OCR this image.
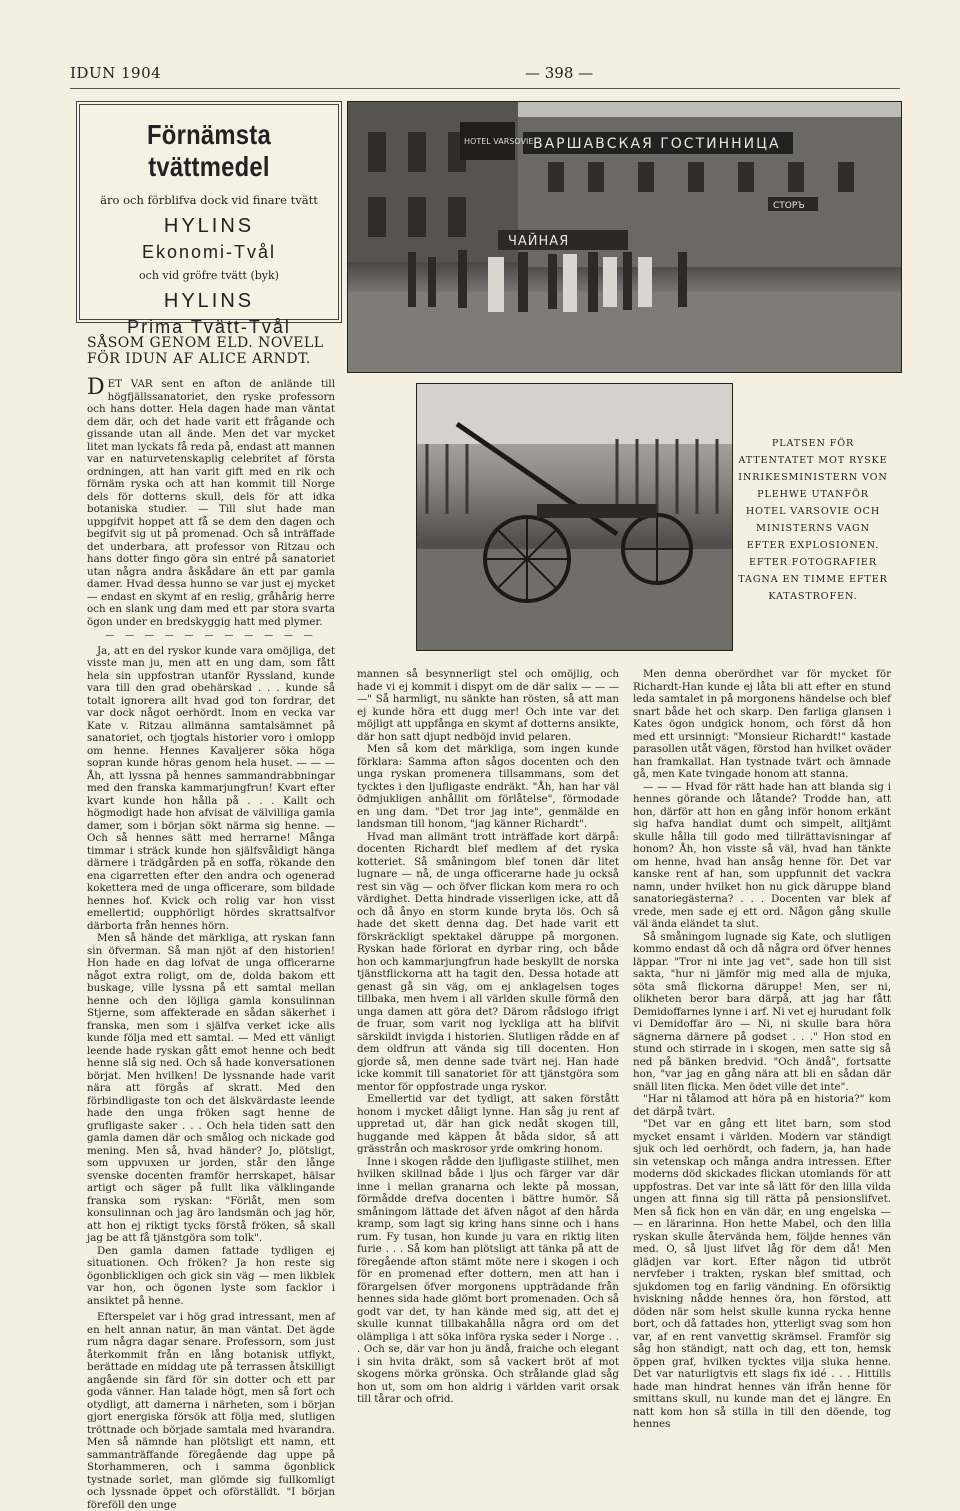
IDUN 1904	— 398 —
Förnämsta tvättmedel
äro och förblifva dock vid finare tvätt
HYLINS
Ekonomi-Tvål
och vid gröfre tvätt (byk)
HYLINS
Prima Tvätt-Tvål
SÅSOM GENOM ELD. NOVELL FÖR IDUN AF ALICE ARNDT.
ВАРШАВСКАЯ ГОСТИННИЦА
HOTEL VARSOVIE
ЧАЙНАЯ
СТОРЪ
PLATSEN FÖR ATTENTATET MOT RYSKE INRIKESMINISTERN VON PLEHWE UTANFÖR HOTEL VARSOVIE OCH MINISTERNS VAGN EFTER EXPLOSIONEN. EFTER FOTOGRAFIER TAGNA EN TIMME EFTER KATASTROFEN.

DET VAR sent en afton de anlände till högfjällssanatoriet, den ryske professorn och hans dotter. Hela dagen hade man väntat dem där, och det hade varit ett frågande och gissande utan all ände. Men det var mycket litet man lyckats få reda på, endast att mannen var en naturvetenskaplig celebritet af första ordningen, att han varit gift med en rik och förnäm ryska och att han kommit till Norge dels för dotterns skull, dels för att idka botaniska studier. — Till slut hade man uppgifvit hoppet att få se dem den dagen och begifvit sig ut på promenad. Och så inträffade det underbara, att professor von Ritzau och hans dotter fingo göra sin entré på sanatoriet utan några andra åskådare än ett par gamla damer. Hvad dessa hunno se var just ej mycket — endast en skymt af en reslig, gråhårig herre och en slank ung dam med ett par stora svarta ögon under en bredskyggig hatt med plymer.

— — — — — — — — — — —

Ja, att en del ryskor kunde vara omöjliga, det visste man ju, men att en ung dam, som fått hela sin uppfostran utanför Ryssland, kunde vara till den grad obehärskad . . . kunde så totalt ignorera allt hvad god ton fordrar, det var dock något oerhördt. Inom en vecka var Kate v. Ritzau allmänna samtalsämnet på sanatoriet, och tjogtals historier voro i omlopp om henne. Hennes Kavaljerer söka höga sopran kunde höras genom hela huset. — — — Åh, att lyssna på hennes sammandrabbningar med den franska kammarjungfrun! Kvart efter kvart kunde hon hålla på . . . Kallt och högmodigt hade hon afvisat de välvilliga gamla damer, som i början sökt närma sig henne. — Och så hennes sätt med herrarne! Många timmar i sträck kunde hon själfsvåldigt hänga därnere i trädgården på en soffa, rökande den ena cigarretten efter den andra och ogenerad kokettera med de unga officerare, som bildade hennes hof. Kvick och rolig var hon visst emellertid; oupphörligt hördes skrattsalfvor därborta från hennes hörn.

Men så hände det märkliga, att ryskan fann sin öfverman. Så man njöt af den historien! Hon hade en dag lofvat de unga officerarne något extra roligt, om de, dolda bakom ett buskage, ville lyssna på ett samtal mellan henne och den löjliga gamla konsulinnan Stjerne, som affekterade en sådan säkerhet i franska, men som i själfva verket icke alls kunde följa med ett samtal. — Med ett vänligt leende hade ryskan gått emot henne och bedt henne slå sig ned. Och så hade konversationen börjat. Men hvilken! De lyssnande hade varit nära att förgås af skratt. Med den förbindligaste ton och det älskvärdaste leende hade den unga fröken sagt henne de grufligaste saker . . . Och hela tiden satt den gamla damen där och smålog och nickade god mening. Men så, hvad händer? Jo, plötsligt, som uppvuxen ur jorden, står den långe svenske docenten framför herrskapet, hälsar artigt och säger på fullt lika välklingande franska som ryskan: "Förlåt, men som konsulinnan och jag äro landsmän och jag hör, att hon ej riktigt tycks förstå fröken, så skall jag be att få tjänstgöra som tolk".

Den gamla damen fattade tydligen ej situationen. Och fröken? Ja hon reste sig ögonblickligen och gick sin väg — men likblek var hon, och ögonen lyste som facklor i ansiktet på henne.

Efterspelet var i hög grad intressant, men af en helt annan natur, än man väntat. Det ägde rum några dagar senare. Professorn, som just återkommit från en lång botanisk utflykt, berättade en middag ute på terrassen åtskilligt angående sin färd för sin dotter och ett par goda vänner. Han talade högt, men så fort och otydligt, att damerna i närheten, som i början gjort energiska försök att följa med, slutligen tröttnade och började samtala med hvarandra. Men så nämnde han plötsligt ett namn, ett sammanträffande föregående dag uppe på Storhammeren, och i samma ögonblick tystnade sorlet, man glömde sig fullkomligt och lyssnade öppet och oförställdt. "I början föreföll den unge

mannen så besynnerligt stel och omöjlig, och hade vi ej kommit i dispyt om de där salix — — — —" Så harmligt, nu sänkte han rösten, så att man ej kunde höra ett dugg mer! Och inte var det möjligt att uppfånga en skymt af dotterns ansikte, där hon satt djupt nedböjd invid pelaren.

Men så kom det märkliga, som ingen kunde förklara: Samma afton sågos docenten och den unga ryskan promenera tillsammans, som det tycktes i den ljufligaste endräkt. "Åh, han har väl ödmjukligen anhållit om förlåtelse", förmodade en ung dam. "Det tror jag inte", genmälde en landsman till honom, "jag känner Richardt".

Hvad man allmänt trott inträffade kort därpå: docenten Richardt blef medlem af det ryska kotteriet. Så småningom blef tonen där litet lugnare — nå, de unga officerarne hade ju också rest sin väg — och öfver flickan kom mera ro och värdighet. Detta hindrade visserligen icke, att då och då ånyo en storm kunde bryta lös. Och så hade det skett denna dag. Det hade varit ett förskräckligt spektakel däruppe på morgonen. Ryskan hade förlorat en dyrbar ring, och både hon och kammarjungfrun hade beskyllt de norska tjänstflickorna att ha tagit den. Dessa hotade att genast gå sin väg, om ej anklagelsen toges tillbaka, men hvem i all världen skulle förmå den unga damen att göra det? Därom rådslogo ifrigt de fruar, som varit nog lyckliga att ha blifvit särskildt invigda i historien. Slutligen rådde en af dem oldfrun att vända sig till docenten. Hon gjorde så, men denne sade tvärt nej. Han hade icke kommit till sanatoriet för att tjänstgöra som mentor för oppfostrade unga ryskor.

Emellertid var det tydligt, att saken förstått honom i mycket dåligt lynne. Han såg ju rent af uppretad ut, där han gick nedåt skogen till, huggande med käppen åt båda sidor, så att grässtrån och maskrosor yrde omkring honom.

Inne i skogen rådde den ljufligaste stillhet, men hvilken skillnad både i ljus och färger var där inne i mellan granarna och lekte på mossan, förmådde drefva docenten i bättre humör. Så småningom lättade det äfven något af den hårda kramp, som lagt sig kring hans sinne och i hans rum. Fy tusan, hon kunde ju vara en riktig liten furie . . . Så kom han plötsligt att tänka på att de föregående afton stämt möte nere i skogen i och för en promenad efter dottern, men att han i förargelsen öfver morgonens uppträdande från hennes sida hade glömt bort promenaden. Och så godt var det, ty han kände med sig, att det ej skulle kunnat tillbakahålla några ord om det olämpliga i att söka införa ryska seder i Norge . . . Och se, där var hon ju ändå, fraiche och elegant i sin hvita dräkt, som så vackert bröt af mot skogens mörka grönska. Och strålande glad såg hon ut, som om hon aldrig i världen varit orsak till tårar och ofrid.

Men denna oberördhet var för mycket för Richardt-Han kunde ej låta bli att efter en stund leda samtalet in på morgonens händelse och blef snart både het och skarp. Den farliga glansen i Kates ögon undgick honom, och först då hon med ett ursinnigt: "Monsieur Richardt!" kastade parasollen utåt vägen, förstod han hvilket oväder han framkallat. Han tystnade tvärt och ämnade gå, men Kate tvingade honom att stanna.

— — — Hvad för rätt hade han att blanda sig i hennes görande och låtande? Trodde han, att hon, därför att hon en gång inför honom erkänt sig hafva handlat dumt och simpelt, alltjämt skulle hålla till godo med tillrättavisningar af honom? Åh, hon visste så väl, hvad han tänkte om henne, hvad han ansåg henne för. Det var kanske rent af han, som uppfunnit det vackra namn, under hvilket hon nu gick däruppe bland sanatoriegästerna? . . . Docenten var blek af vrede, men sade ej ett ord. Någon gång skulle väl ända eländet ta slut.

Så småningom lugnade sig Kate, och slutligen kommo endast då och då några ord öfver hennes läppar. "Tror ni inte jag vet", sade hon till sist sakta, "hur ni jämför mig med alla de mjuka, söta små flickorna däruppe! Men, ser ni, olikheten beror bara därpå, att jag har fått Demidoffarnes lynne i arf. Ni vet ej hurudant folk vi Demidoffar äro — Ni, ni skulle bara höra sägnerna därnere på godset . . ." Hon stod en stund och stirrade in i skogen, men satte sig så ned på bänken bredvid. "Och ändå", fortsatte hon, "var jag en gång nära att bli en sådan där snäll liten flicka. Men ödet ville det inte".

"Har ni tålamod att höra på en historia?" kom det därpå tvärt.

"Det var en gång ett litet barn, som stod mycket ensamt i världen. Modern var ständigt sjuk och led oerhördt, och fadern, ja, han hade sin vetenskap och många andra intressen. Efter moderns död skickades flickan utomlands för att uppfostras. Det var inte så lätt för den lilla vilda ungen att finna sig till rätta på pensionslifvet. Men så fick hon en vän där, en ung engelska — — en lärarinna. Hon hette Mabel, och den lilla ryskan skulle återvända hem, följde hennes vän med. O, så ljust lifvet låg för dem då! Men glädjen var kort. Efter någon tid utbröt nervfeber i trakten, ryskan blef smittad, och sjukdomen tog en farlig vändning. En oförsiktig hviskning nådde hennes öra, hon förstod, att döden när som helst skulle kunna rycka henne bort, och då fattades hon, ytterligt svag som hon var, af en rent vanvettig skrämsel. Framför sig såg hon ständigt, natt och dag, ett ton, hemsk öppen graf, hvilken tycktes vilja sluka henne. Det var naturligtvis ett slags fix idé . . . Hittills hade man hindrat hennes vän ifrån henne för smittans skull, nu kunde man det ej längre. En natt kom hon så stilla in till den döende, tog hennes
